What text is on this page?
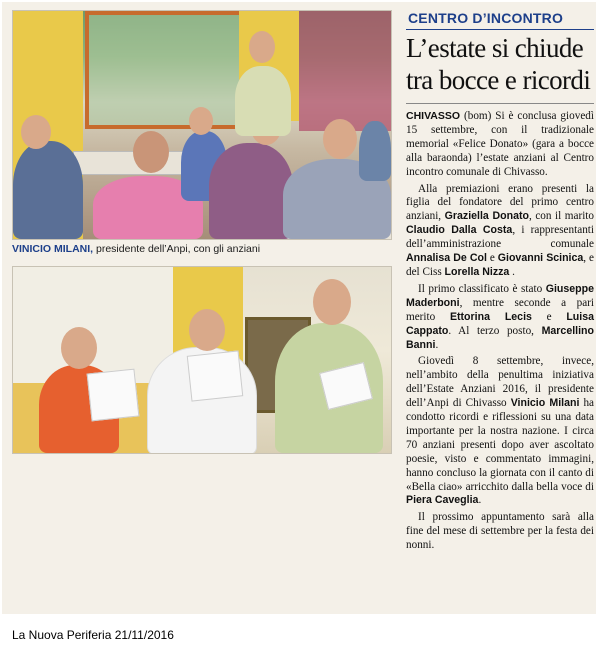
VINICIO MILANI, presidente dell’Anpi, con gli anziani
CENTRO D’INCONTRO
L’estate si chiude tra bocce e ricordi

CHIVASSO (bom) Si è conclusa giovedì 15 settembre, con il tradizionale memorial «Felice Donato» (gara a bocce alla baraonda) l’estate anziani al Centro incontro comunale di Chivasso.

Alla premiazioni erano presenti la figlia del fondatore del primo centro anziani, Graziella Donato, con il marito Claudio Dalla Costa, i rappresentanti dell’amministrazione comunale Annalisa De Col e Giovanni Scinica, e del Ciss Lorella Nizza .

Il primo classificato è stato Giuseppe Maderboni, mentre seconde a pari merito Ettorina Lecis e Luisa Cappato. Al terzo posto, Marcellino Banni.

Giovedì 8 settembre, invece, nell’ambito della penultima iniziativa dell’Estate Anziani 2016, il presidente dell’Anpi di Chivasso Vinicio Milani ha condotto ricordi e riflessioni su una data importante per la nostra nazione. I circa 70 anziani presenti dopo aver ascoltato poesie, visto e commentato immagini, hanno concluso la giornata con il canto di «Bella ciao» arricchito dalla bella voce di Piera Caveglia.

Il prossimo appuntamento sarà alla fine del mese di settembre per la festa dei nonni.

La Nuova Periferia 21/11/2016
